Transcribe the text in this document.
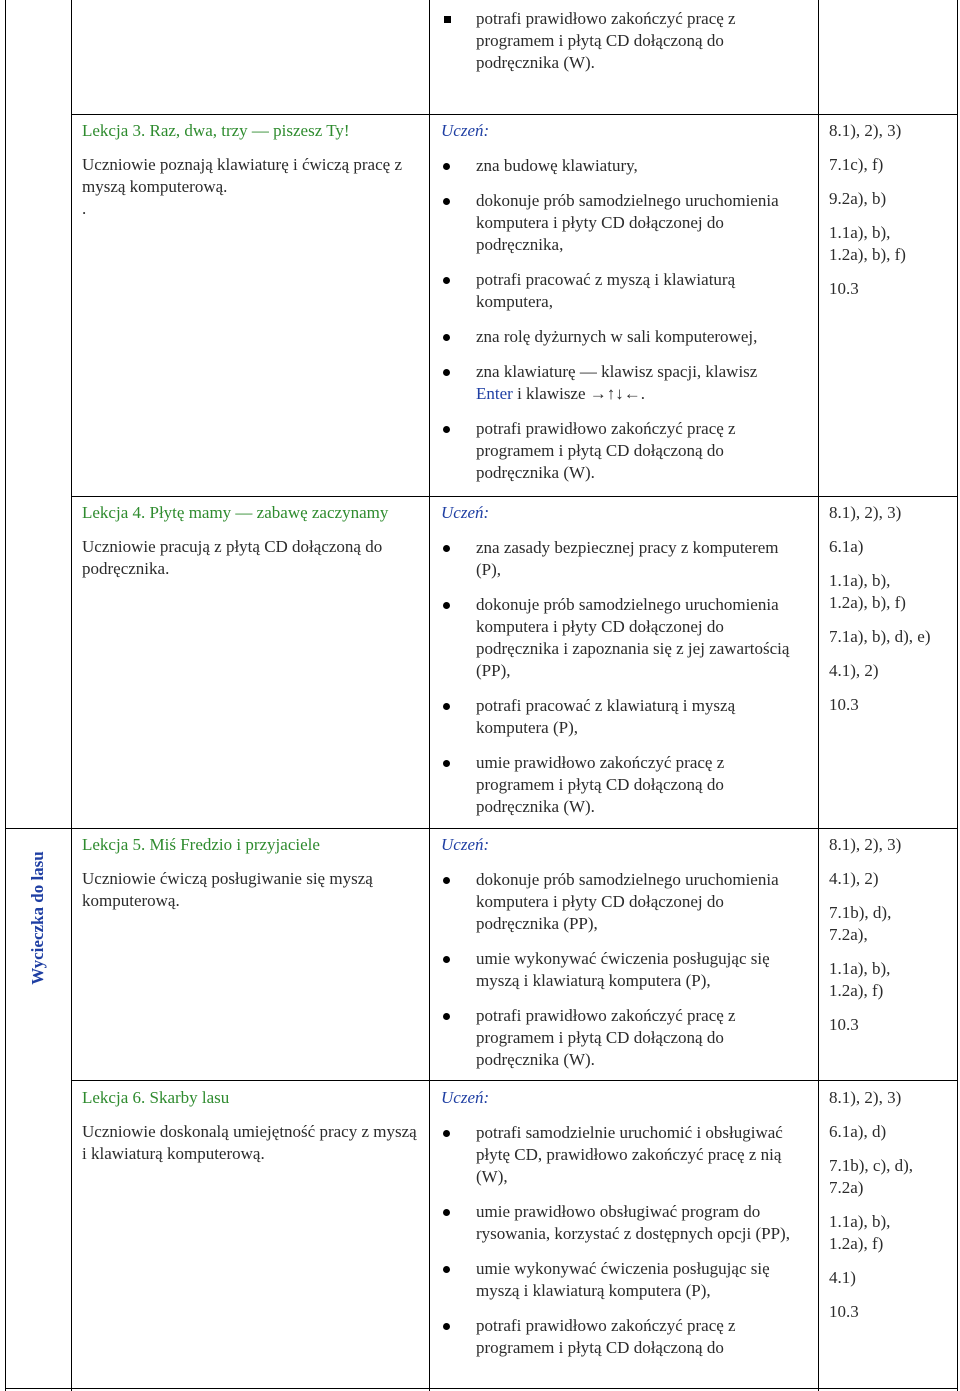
Wycieczka do lasu
potrafi prawidłowo zakończyć pracę z programem i płytą CD dołączoną do podręcznika (W).

Lekcja 3. Raz, dwa, trzy — piszesz Ty!

Uczniowie poznają klawiaturę i ćwiczą pracę z myszą komputerową.

.

Uczeń:

zna budowę klawiatury,
dokonuje prób samodzielnego uruchomienia komputera i płyty CD dołączonej do podręcznika,
potrafi pracować z myszą i klawiaturą komputera,
zna rolę dyżurnych w sali komputerowej,
zna klawiaturę — klawisz spacji, klawisz
Enter i klawisze →↑↓←.
potrafi prawidłowo zakończyć pracę z programem i płytą CD dołączoną do podręcznika (W).

8.1), 2), 3)

7.1c), f)

9.2a), b)

1.1a), b),

1.2a), b), f)

10.3

Lekcja 4. Płytę mamy — zabawę zaczynamy

Uczniowie pracują z płytą CD dołączoną do podręcznika.

Uczeń:

zna zasady bezpiecznej pracy z komputerem (P),
dokonuje prób samodzielnego uruchomienia komputera i płyty CD dołączonej do podręcznika i zapoznania się z jej zawartością (PP),
potrafi pracować z klawiaturą i myszą komputera (P),
umie prawidłowo zakończyć pracę z programem i płytą CD dołączoną do podręcznika (W).

8.1), 2), 3)

6.1a)

1.1a), b),

1.2a), b), f)

7.1a), b), d), e)

4.1), 2)

10.3

Lekcja 5. Miś Fredzio i przyjaciele

Uczniowie ćwiczą posługiwanie się myszą komputerową.

Uczeń:

dokonuje prób samodzielnego uruchomienia komputera i płyty CD dołączonej do podręcznika (PP),
umie wykonywać ćwiczenia posługując się myszą i klawiaturą komputera (P),
potrafi prawidłowo zakończyć pracę z programem i płytą CD dołączoną do podręcznika (W).

8.1), 2), 3)

4.1), 2)

7.1b), d),

7.2a),

1.1a), b),

1.2a), f)

10.3

Lekcja 6. Skarby lasu

Uczniowie doskonalą umiejętność pracy z myszą i klawiaturą komputerową.

Uczeń:

potrafi samodzielnie uruchomić i obsługiwać płytę CD, prawidłowo zakończyć pracę z nią (W),
umie prawidłowo obsługiwać program do rysowania, korzystać z dostępnych opcji (PP),
umie wykonywać ćwiczenia posługując się myszą i klawiaturą komputera (P),
potrafi prawidłowo zakończyć pracę z programem i płytą CD dołączoną do

8.1), 2), 3)

6.1a), d)

7.1b), c), d),

7.2a)

1.1a), b),

1.2a), f)

4.1)

10.3
